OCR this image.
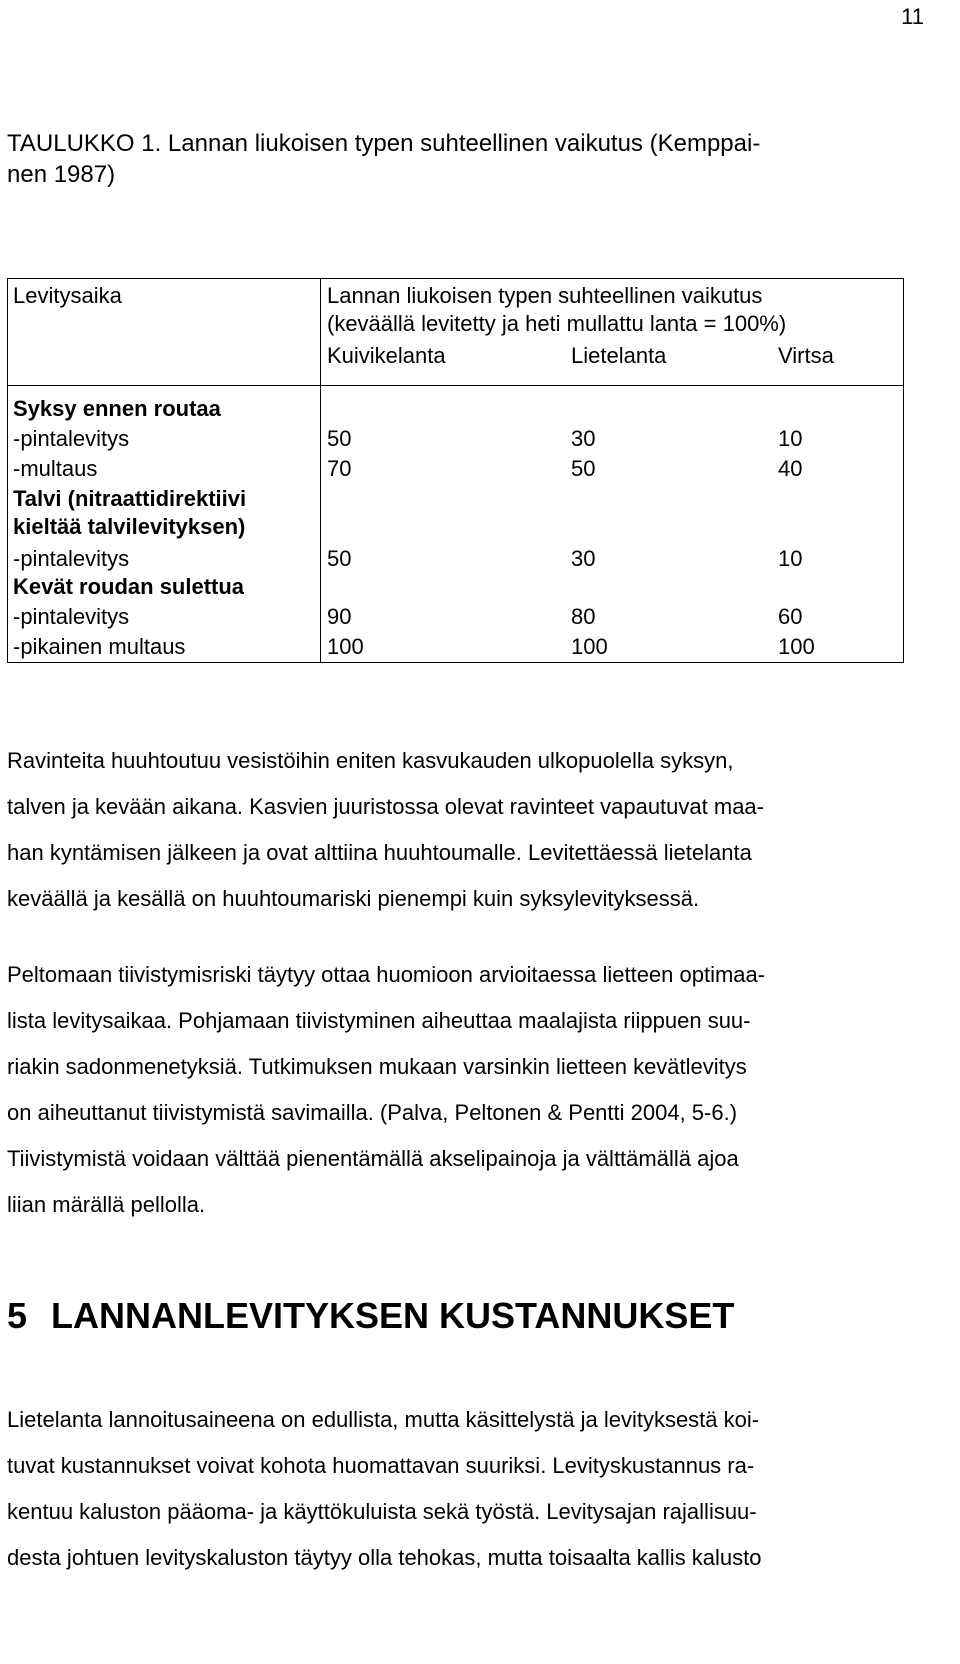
11
TAULUKKO 1. Lannan liukoisen typen suhteellinen vaikutus (Kemppai-
nen 1987)
Levitysaika	Lannan liukoisen typen suhteellinen vaikutus
(keväällä levitetty ja heti mullattu lanta = 100%)
Kuivikelanta	Lietelanta	Virtsa
Syksy ennen routaa
-pintalevitys	50	30	10
-multaus	70	50	40
Talvi (nitraattidirektiivi
kieltää talvilevityksen)
-pintalevitys	50	30	10
Kevät roudan sulettua
-pintalevitys	90	80	60
-pikainen multaus	100	100	100
Ravinteita huuhtoutuu vesistöihin eniten kasvukauden ulkopuolella syksyn,
talven ja kevään aikana. Kasvien juuristossa olevat ravinteet vapautuvat maa-
han kyntämisen jälkeen ja ovat alttiina huuhtoumalle. Levitettäessä lietelanta
keväällä ja kesällä on huuhtoumariski pienempi kuin syksylevityksessä.
Peltomaan tiivistymisriski täytyy ottaa huomioon arvioitaessa lietteen optimaa-
lista levitysaikaa. Pohjamaan tiivistyminen aiheuttaa maalajista riippuen suu-
riakin sadonmenetyksiä. Tutkimuksen mukaan varsinkin lietteen kevätlevitys
on aiheuttanut tiivistymistä savimailla. (Palva, Peltonen & Pentti 2004, 5-6.)
Tiivistymistä voidaan välttää pienentämällä akselipainoja ja välttämällä ajoa
liian märällä pellolla.
5 LANNANLEVITYKSEN KUSTANNUKSET
Lietelanta lannoitusaineena on edullista, mutta käsittelystä ja levityksestä koi-
tuvat kustannukset voivat kohota huomattavan suuriksi. Levityskustannus ra-
kentuu kaluston pääoma- ja käyttökuluista sekä työstä. Levitysajan rajallisuu-
desta johtuen levityskaluston täytyy olla tehokas, mutta toisaalta kallis kalusto
